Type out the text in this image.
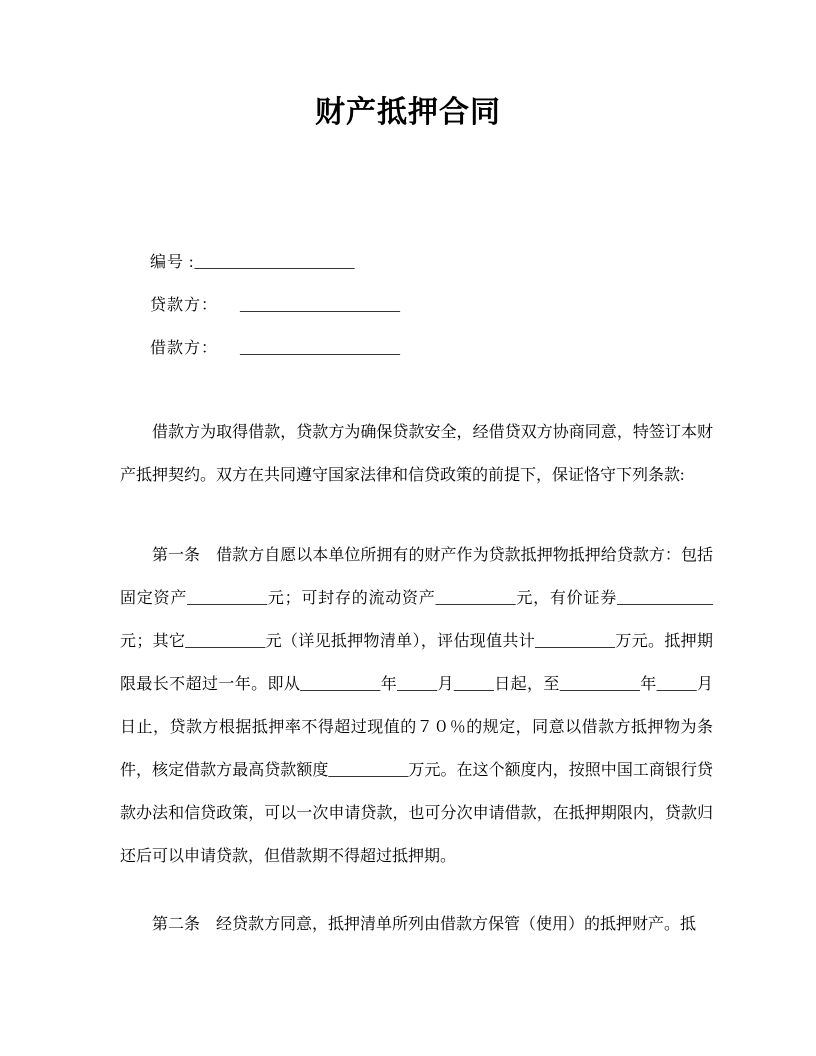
财产抵押合同
编号 :____________________
贷款方： ____________________
借款方： ____________________

借款方为取得借款，贷款方为确保贷款安全，经借贷双方协商同意，特签订本财产抵押契约。双方在共同遵守国家法律和信贷政策的前提下，保证恪守下列条款:

第一条　借款方自愿以本单位所拥有的财产作为贷款抵押物抵押给贷款方：包括固定资产__________元；可封存的流动资产__________元，有价证券____________元；其它__________元（详见抵押物清单），评估现值共计__________万元。抵押期限最长不超过一年。即从__________年_____月_____日起，至__________年_____月日止，贷款方根据抵押率不得超过现值的７０％的规定，同意以借款方抵押物为条件，核定借款方最高贷款额度__________万元。在这个额度内，按照中国工商银行贷款办法和信贷政策，可以一次申请贷款，也可分次申请借款，在抵押期限内，贷款归还后可以申请贷款，但借款期不得超过抵押期。

第二条　经贷款方同意，抵押清单所列由借款方保管（使用）的抵押财产。抵
